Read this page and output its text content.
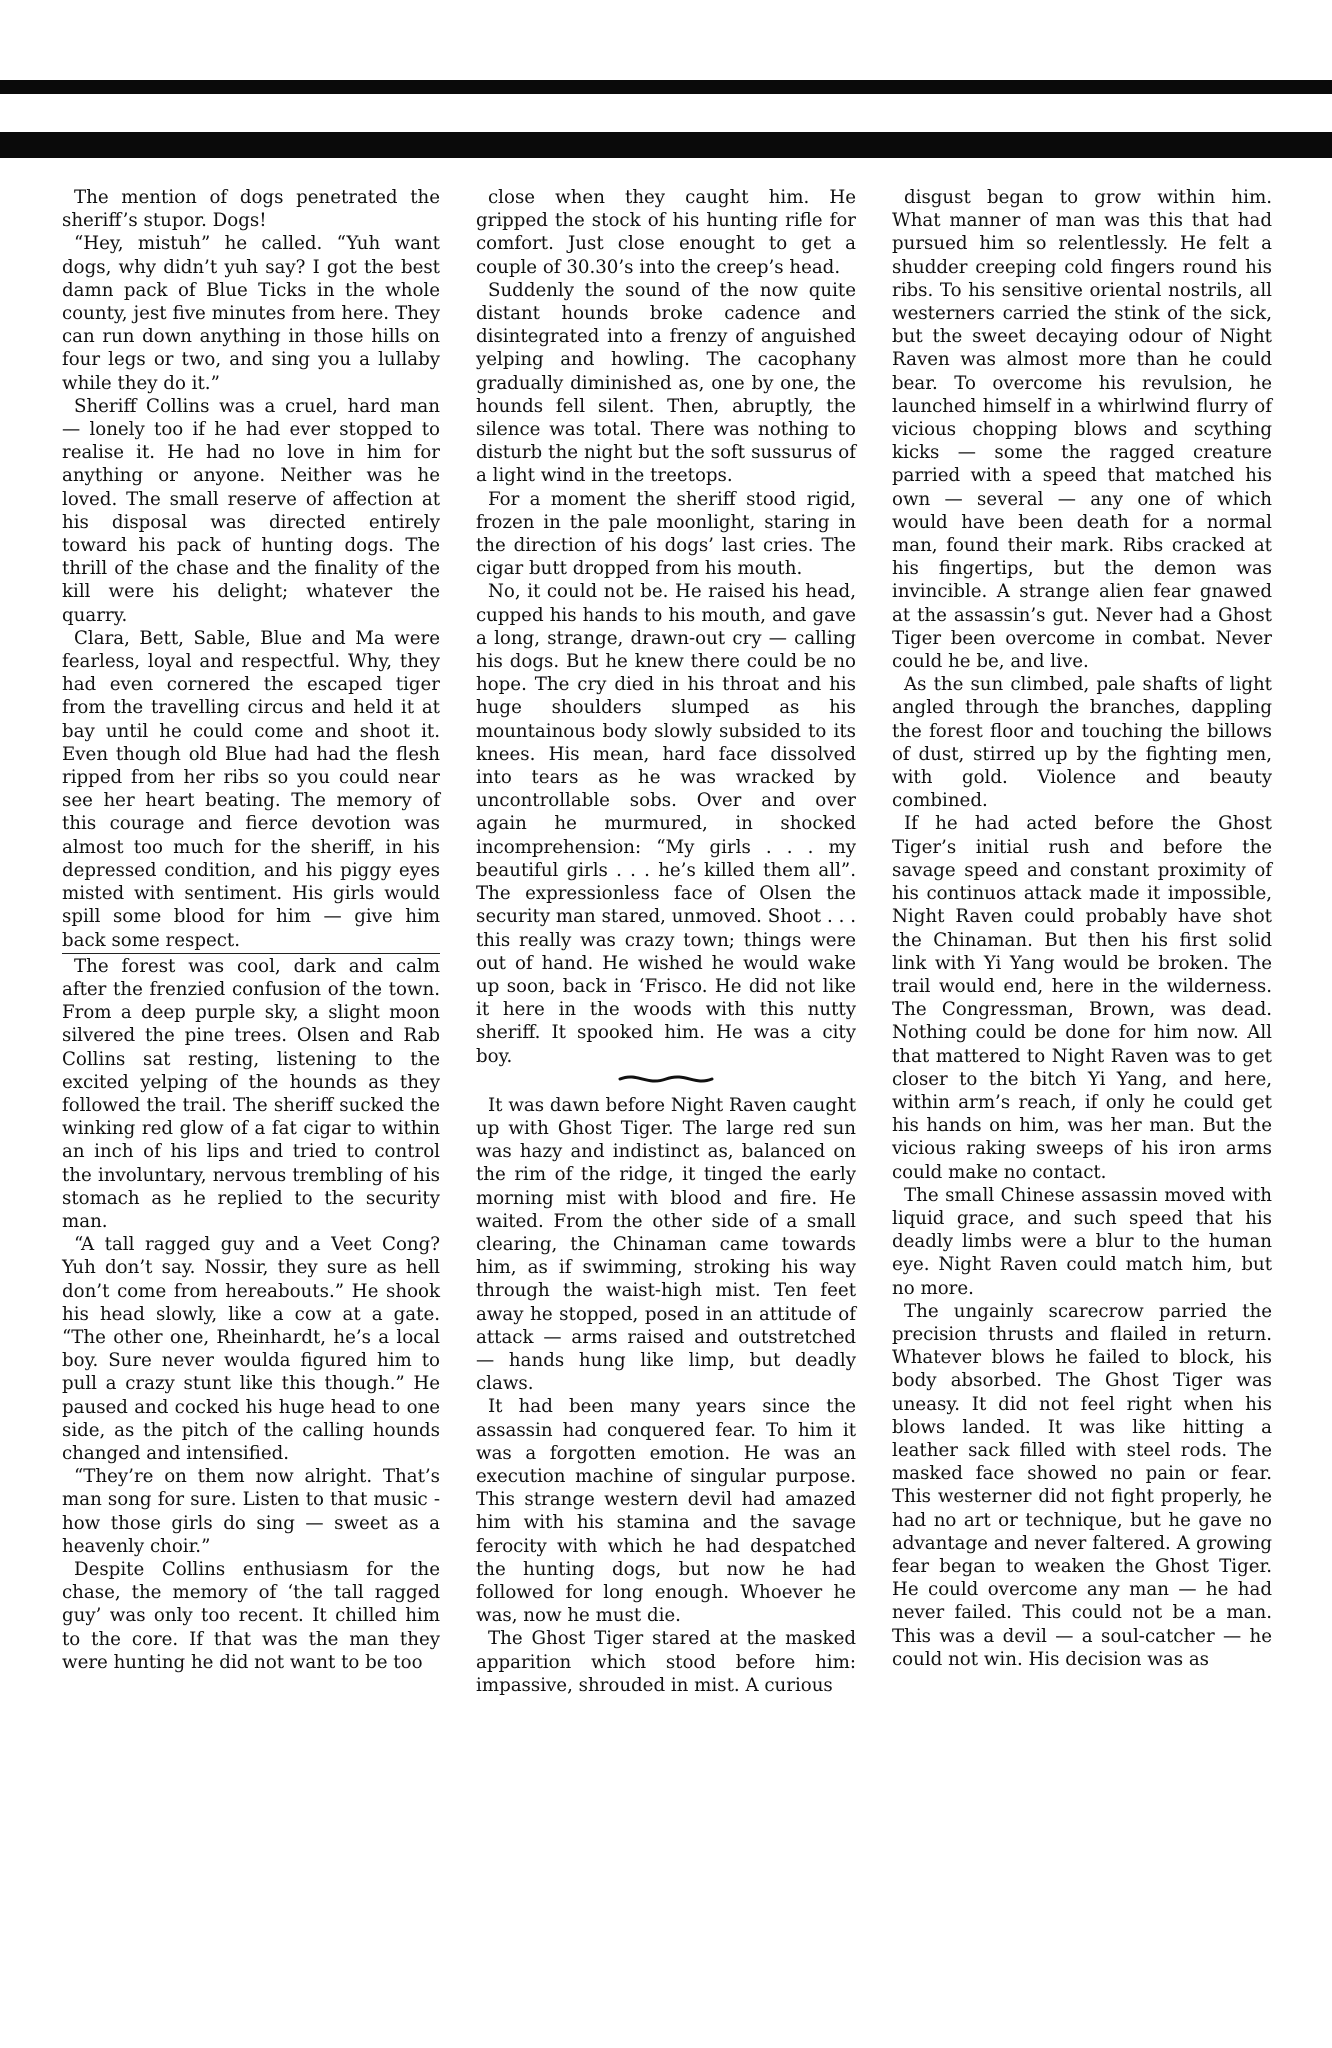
The mention of dogs penetrated the sheriff’s stupor. Dogs!

“Hey, mistuh” he called. “Yuh want dogs, why didn’t yuh say? I got the best damn pack of Blue Ticks in the whole county, jest five minutes from here. They can run down anything in those hills on four legs or two, and sing you a lullaby while they do it.”

Sheriff Collins was a cruel, hard man — lonely too if he had ever stopped to realise it. He had no love in him for anything or anyone. Neither was he loved. The small reserve of affection at his disposal was directed entirely toward his pack of hunting dogs. The thrill of the chase and the finality of the kill were his delight; whatever the quarry.

Clara, Bett, Sable, Blue and Ma were fearless, loyal and respectful. Why, they had even cornered the escaped tiger from the travelling circus and held it at bay until he could come and shoot it. Even though old Blue had had the flesh ripped from her ribs so you could near see her heart beating. The memory of this courage and fierce devotion was almost too much for the sheriff, in his depressed condition, and his piggy eyes misted with sentiment. His girls would spill some blood for him — give him back some respect.

The forest was cool, dark and calm after the frenzied confusion of the town. From a deep purple sky, a slight moon silvered the pine trees. Olsen and Rab Collins sat resting, listening to the excited yelping of the hounds as they followed the trail. The sheriff sucked the winking red glow of a fat cigar to within an inch of his lips and tried to control the involuntary, nervous trembling of his stomach as he replied to the security man.

“A tall ragged guy and a Veet Cong? Yuh don’t say. Nossir, they sure as hell don’t come from hereabouts.” He shook his head slowly, like a cow at a gate. “The other one, Rheinhardt, he’s a local boy. Sure never woulda figured him to pull a crazy stunt like this though.” He paused and cocked his huge head to one side, as the pitch of the calling hounds changed and intensified.

“They’re on them now alright. That’s man song for sure. Listen to that music - how those girls do sing — sweet as a heavenly choir.”

Despite Collins enthusiasm for the chase, the memory of ‘the tall ragged guy’ was only too recent. It chilled him to the core. If that was the man they were hunting he did not want to be too

close when they caught him. He gripped the stock of his hunting rifle for comfort. Just close enought to get a couple of 30.30’s into the creep’s head.

Suddenly the sound of the now quite distant hounds broke cadence and disintegrated into a frenzy of anguished yelping and howling. The cacophany gradually diminished as, one by one, the hounds fell silent. Then, abruptly, the silence was total. There was nothing to disturb the night but the soft sussurus of a light wind in the treetops.

For a moment the sheriff stood rigid, frozen in the pale moonlight, staring in the direction of his dogs’ last cries. The cigar butt dropped from his mouth.

No, it could not be. He raised his head, cupped his hands to his mouth, and gave a long, strange, drawn-out cry — calling his dogs. But he knew there could be no hope. The cry died in his throat and his huge shoulders slumped as his mountainous body slowly subsided to its knees. His mean, hard face dissolved into tears as he was wracked by uncontrollable sobs. Over and over again he murmured, in shocked incomprehension: “My girls . . . my beautiful girls . . . he’s killed them all”. The expressionless face of Olsen the security man stared, unmoved. Shoot . . . this really was crazy town; things were out of hand. He wished he would wake up soon, back in ‘Frisco. He did not like it here in the woods with this nutty sheriff. It spooked him. He was a city boy.

It was dawn before Night Raven caught up with Ghost Tiger. The large red sun was hazy and indistinct as, balanced on the rim of the ridge, it tinged the early morning mist with blood and fire. He waited. From the other side of a small clearing, the Chinaman came towards him, as if swimming, stroking his way through the waist-high mist. Ten feet away he stopped, posed in an attitude of attack — arms raised and outstretched — hands hung like limp, but deadly claws.

It had been many years since the assassin had conquered fear. To him it was a forgotten emotion. He was an execution machine of singular purpose. This strange western devil had amazed him with his stamina and the savage ferocity with which he had despatched the hunting dogs, but now he had followed for long enough. Whoever he was, now he must die.

The Ghost Tiger stared at the masked apparition which stood before him: impassive, shrouded in mist. A curious

disgust began to grow within him. What manner of man was this that had pursued him so relentlessly. He felt a shudder creeping cold fingers round his ribs. To his sensitive oriental nostrils, all westerners carried the stink of the sick, but the sweet decaying odour of Night Raven was almost more than he could bear. To overcome his revulsion, he launched himself in a whirlwind flurry of vicious chopping blows and scything kicks — some the ragged creature parried with a speed that matched his own — several — any one of which would have been death for a normal man, found their mark. Ribs cracked at his fingertips, but the demon was invincible. A strange alien fear gnawed at the assassin’s gut. Never had a Ghost Tiger been overcome in combat. Never could he be, and live.

As the sun climbed, pale shafts of light angled through the branches, dappling the forest floor and touching the billows of dust, stirred up by the fighting men, with gold. Violence and beauty combined.

If he had acted before the Ghost Tiger’s initial rush and before the savage speed and constant proximity of his continuos attack made it impossible, Night Raven could probably have shot the Chinaman. But then his first solid link with Yi Yang would be broken. The trail would end, here in the wilderness. The Congressman, Brown, was dead. Nothing could be done for him now. All that mattered to Night Raven was to get closer to the bitch Yi Yang, and here, within arm’s reach, if only he could get his hands on him, was her man. But the vicious raking sweeps of his iron arms could make no contact.

The small Chinese assassin moved with liquid grace, and such speed that his deadly limbs were a blur to the human eye. Night Raven could match him, but no more.

The ungainly scarecrow parried the precision thrusts and flailed in return. Whatever blows he failed to block, his body absorbed. The Ghost Tiger was uneasy. It did not feel right when his blows landed. It was like hitting a leather sack filled with steel rods. The masked face showed no pain or fear. This westerner did not fight properly, he had no art or technique, but he gave no advantage and never faltered. A growing fear began to weaken the Ghost Tiger. He could overcome any man — he had never failed. This could not be a man. This was a devil — a soul-catcher — he could not win. His decision was as
